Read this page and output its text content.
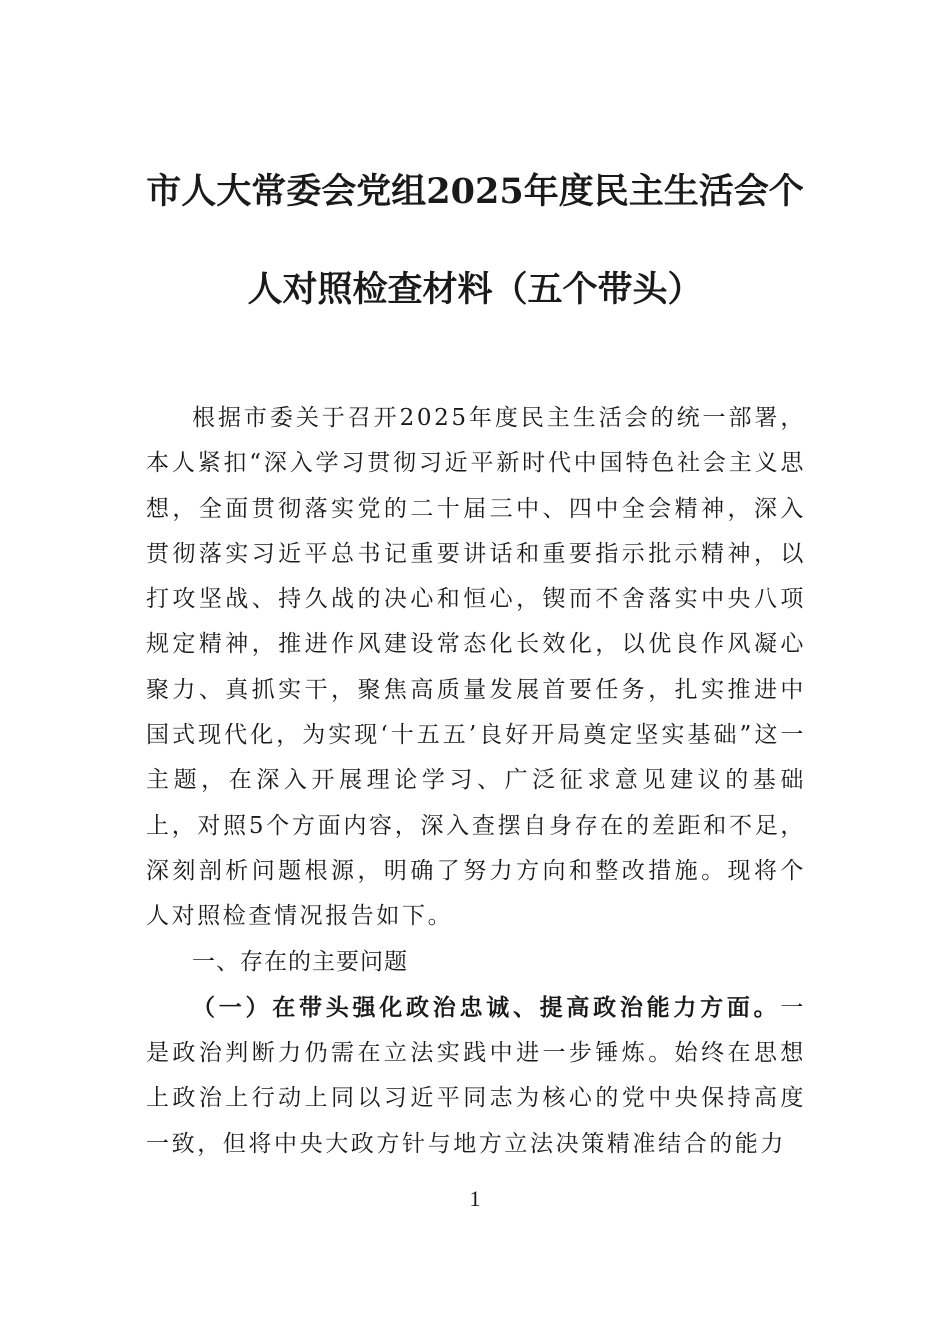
市人大常委会党组2025年度民主生活会个
人对照检查材料（五个带头）

根据市委关于召开2025年度民主生活会的统一部署，本人紧扣“深入学习贯彻习近平新时代中国特色社会主义思想，全面贯彻落实党的二十届三中、四中全会精神，深入贯彻落实习近平总书记重要讲话和重要指示批示精神，以打攻坚战、持久战的决心和恒心，锲而不舍落实中央八项规定精神，推进作风建设常态化长效化，以优良作风凝心聚力、真抓实干，聚焦高质量发展首要任务，扎实推进中国式现代化，为实现‘十五五’良好开局奠定坚实基础”这一主题，在深入开展理论学习、广泛征求意见建议的基础上，对照5个方面内容，深入查摆自身存在的差距和不足，深刻剖析问题根源，明确了努力方向和整改措施。现将个人对照检查情况报告如下。

一、存在的主要问题

（一）在带头强化政治忠诚、提高政治能力方面。一是政治判断力仍需在立法实践中进一步锤炼。始终在思想上政治上行动上同以习近平同志为核心的党中央保持高度一致，但将中央大政方针与地方立法决策精准结合的能力

1
